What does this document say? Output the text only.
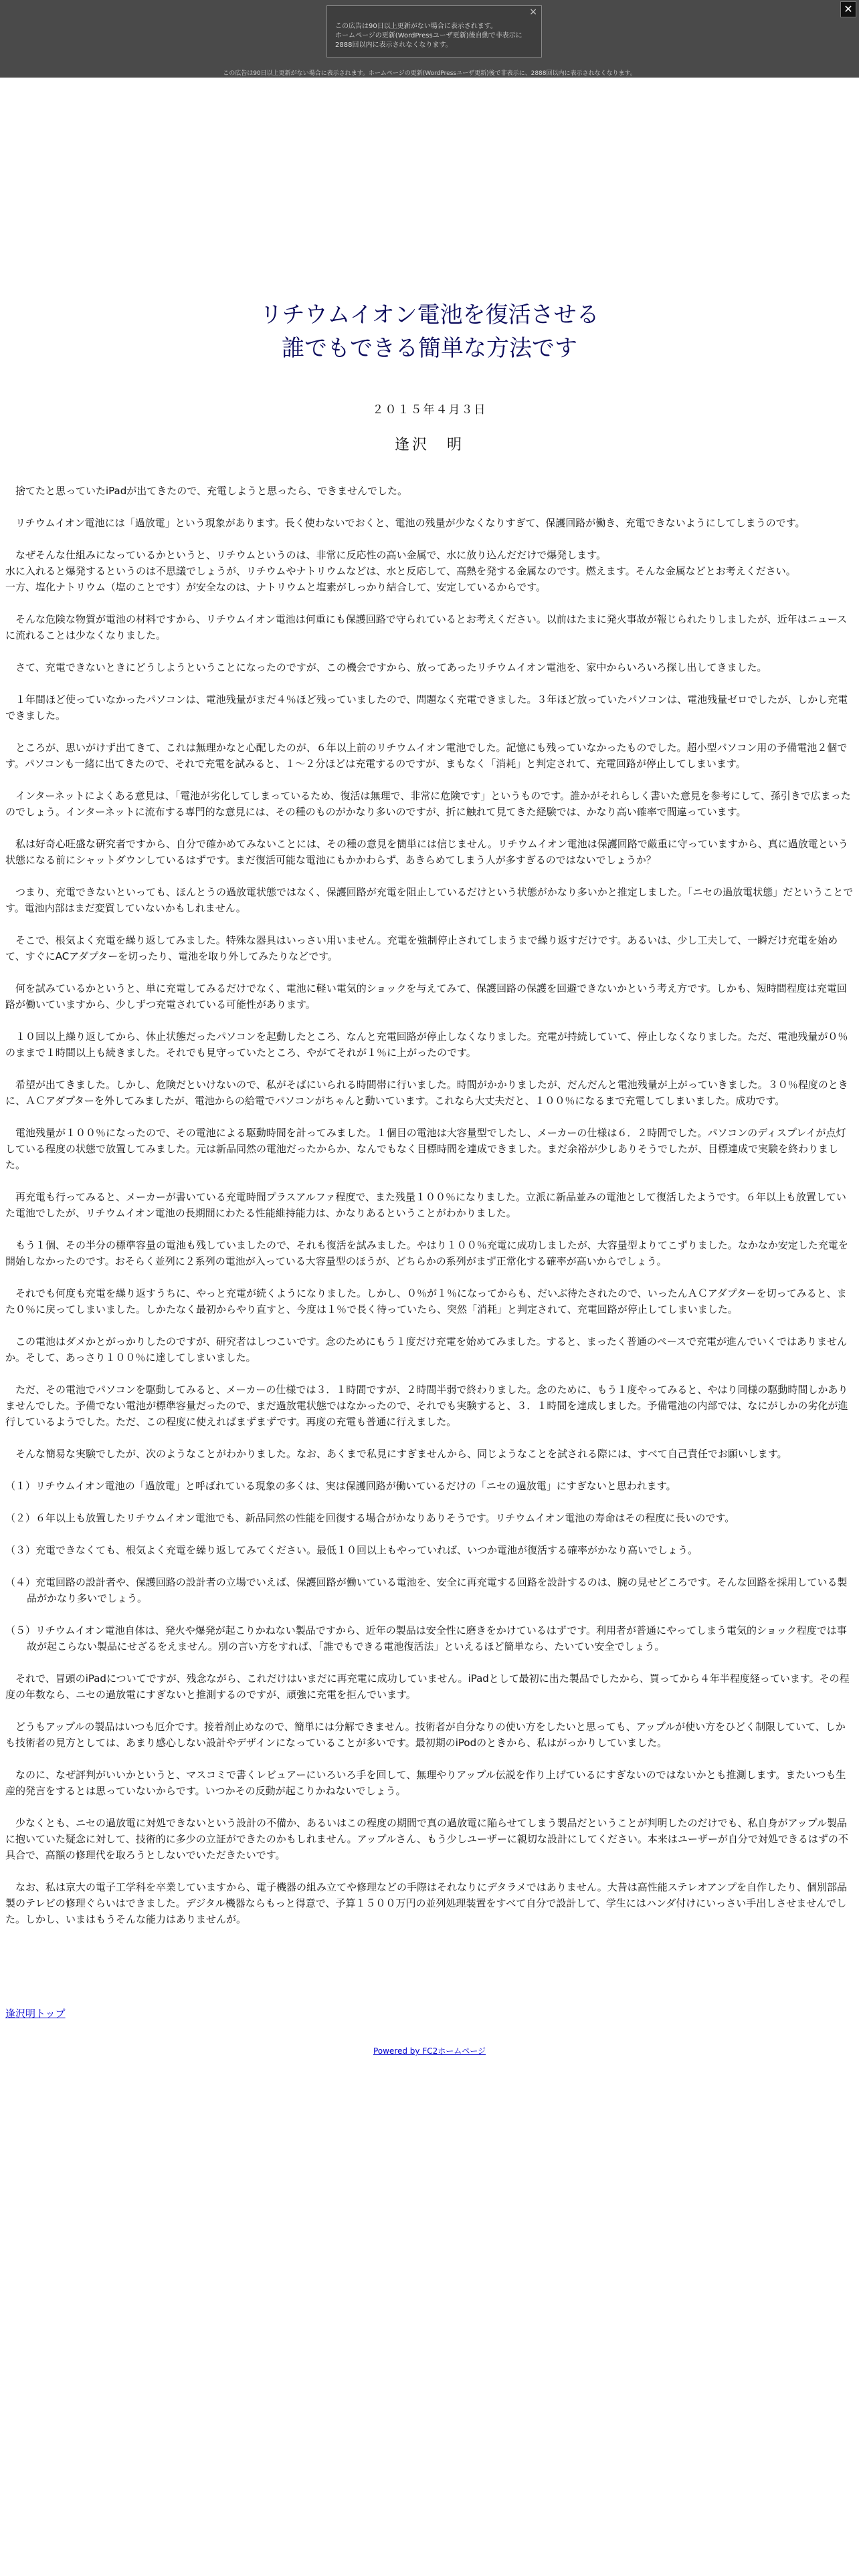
×
この広告は90日以上更新がない場合に表示されます。
ホームページの更新(WordPressユーザ更新)後自動で非表示に
2888回以内に表示されなくなります。
この広告は90日以上更新がない場合に表示されます。ホームページの更新(WordPressユーザ更新)後で非表示に、2888回以内に表示されなくなります。
✕
リチウムイオン電池を復活させる
誰でもできる簡単な方法です
２０１５年４月３日
逢沢　明

　捨てたと思っていたiPadが出てきたので、充電しようと思ったら、できませんでした。

　リチウムイオン電池には「過放電」という現象があります。長く使わないでおくと、電池の残量が少なくなりすぎて、保護回路が働き、充電できないようにしてしまうのです。

　なぜそんな仕組みになっているかというと、リチウムというのは、非常に反応性の高い金属で、水に放り込んだだけで爆発します。

水に入れると爆発するというのは不思議でしょうが、リチウムやナトリウムなどは、水と反応して、高熱を発する金属なのです。燃えます。そんな金属などとお考えください。

一方、塩化ナトリウム（塩のことです）が安全なのは、ナトリウムと塩素がしっかり結合して、安定しているからです。

　そんな危険な物質が電池の材料ですから、リチウムイオン電池は何重にも保護回路で守られているとお考えください。以前はたまに発火事故が報じられたりしましたが、近年はニュースに流れることは少なくなりました。

　さて、充電できないときにどうしようということになったのですが、この機会ですから、放ってあったリチウムイオン電池を、家中からいろいろ探し出してきました。

　１年間ほど使っていなかったパソコンは、電池残量がまだ４％ほど残っていましたので、問題なく充電できました。３年ほど放っていたパソコンは、電池残量ゼロでしたが、しかし充電できました。

　ところが、思いがけず出てきて、これは無理かなと心配したのが、６年以上前のリチウムイオン電池でした。記憶にも残っていなかったものでした。超小型パソコン用の予備電池２個です。パソコンも一緒に出てきたので、それで充電を試みると、１～２分ほどは充電するのですが、まもなく「消耗」と判定されて、充電回路が停止してしまいます。

　インターネットによくある意見は、「電池が劣化してしまっているため、復活は無理で、非常に危険です」というものです。誰かがそれらしく書いた意見を参考にして、孫引きで広まったのでしょう。インターネットに流布する専門的な意見には、その種のものがかなり多いのですが、折に触れて見てきた経験では、かなり高い確率で間違っています。

　私は好奇心旺盛な研究者ですから、自分で確かめてみないことには、その種の意見を簡単には信じません。リチウムイオン電池は保護回路で厳重に守っていますから、真に過放電という状態になる前にシャットダウンしているはずです。まだ復活可能な電池にもかかわらず、あきらめてしまう人が多すぎるのではないでしょうか？

　つまり、充電できないといっても、ほんとうの過放電状態ではなく、保護回路が充電を阻止しているだけという状態がかなり多いかと推定しました。「ニセの過放電状態」だということです。電池内部はまだ変質していないかもしれません。

　そこで、根気よく充電を繰り返してみました。特殊な器具はいっさい用いません。充電を強制停止されてしまうまで繰り返すだけです。あるいは、少し工夫して、一瞬だけ充電を始めて、すぐにACアダプターを切ったり、電池を取り外してみたりなどです。

　何を試みているかというと、単に充電してみるだけでなく、電池に軽い電気的ショックを与えてみて、保護回路の保護を回避できないかという考え方です。しかも、短時間程度は充電回路が働いていますから、少しずつ充電されている可能性があります。

　１０回以上繰り返してから、休止状態だったパソコンを起動したところ、なんと充電回路が停止しなくなりました。充電が持続していて、停止しなくなりました。ただ、電池残量が０％のままで１時間以上も続きました。それでも見守っていたところ、やがてそれが１％に上がったのです。

　希望が出てきました。しかし、危険だといけないので、私がそばにいられる時間帯に行いました。時間がかかりましたが、だんだんと電池残量が上がっていきました。３０％程度のときに、ＡＣアダプターを外してみましたが、電池からの給電でパソコンがちゃんと動いています。これなら大丈夫だと、１００％になるまで充電してしまいました。成功です。

　電池残量が１００％になったので、その電池による駆動時間を計ってみました。１個目の電池は大容量型でしたし、メーカーの仕様は６．２時間でした。パソコンのディスプレイが点灯している程度の状態で放置してみました。元は新品同然の電池だったからか、なんでもなく目標時間を達成できました。まだ余裕が少しありそうでしたが、目標達成で実験を終わりました。

　再充電も行ってみると、メーカーが書いている充電時間プラスアルファ程度で、また残量１００％になりました。立派に新品並みの電池として復活したようです。６年以上も放置していた電池でしたが、リチウムイオン電池の長期間にわたる性能維持能力は、かなりあるということがわかりました。

　もう１個、その半分の標準容量の電池も残していましたので、それも復活を試みました。やはり１００％充電に成功しましたが、大容量型よりてこずりました。なかなか安定した充電を開始しなかったのです。おそらく並列に２系列の電池が入っている大容量型のほうが、どちらかの系列がまず正常化する確率が高いからでしょう。

　それでも何度も充電を繰り返すうちに、やっと充電が続くようになりました。しかし、０％が１％になってからも、だいぶ待たされたので、いったんＡＣアダプターを切ってみると、また０％に戻ってしまいました。しかたなく最初からやり直すと、今度は１％で長く待っていたら、突然「消耗」と判定されて、充電回路が停止してしまいました。

　この電池はダメかとがっかりしたのですが、研究者はしつこいです。念のためにもう１度だけ充電を始めてみました。すると、まったく普通のペースで充電が進んでいくではありませんか。そして、あっさり１００％に達してしまいました。

　ただ、その電池でパソコンを駆動してみると、メーカーの仕様では３．１時間ですが、２時間半弱で終わりました。念のために、もう１度やってみると、やはり同様の駆動時間しかありませんでした。予備でない電池が標準容量だったので、まだ過放電状態ではなかったので、それでも実験すると、３．１時間を達成しました。予備電池の内部では、なにがしかの劣化が進行しているようでした。ただ、この程度に使えればまずまずです。再度の充電も普通に行えました。

　そんな簡易な実験でしたが、次のようなことがわかりました。なお、あくまで私見にすぎませんから、同じようなことを試される際には、すべて自己責任でお願いします。

（１）リチウムイオン電池の「過放電」と呼ばれている現象の多くは、実は保護回路が働いているだけの「ニセの過放電」にすぎないと思われます。

（２）６年以上も放置したリチウムイオン電池でも、新品同然の性能を回復する場合がかなりありそうです。リチウムイオン電池の寿命はその程度に長いのです。

（３）充電できなくても、根気よく充電を繰り返してみてください。最低１０回以上もやっていれば、いつか電池が復活する確率がかなり高いでしょう。

（４）充電回路の設計者や、保護回路の設計者の立場でいえば、保護回路が働いている電池を、安全に再充電する回路を設計するのは、腕の見せどころです。そんな回路を採用している製品がかなり多いでしょう。

（５）リチウムイオン電池自体は、発火や爆発が起こりかねない製品ですから、近年の製品は安全性に磨きをかけているはずです。利用者が普通にやってしまう電気的ショック程度では事故が起こらない製品にせざるをえません。別の言い方をすれば、「誰でもできる電池復活法」といえるほど簡単なら、たいてい安全でしょう。

　それで、冒頭のiPadについてですが、残念ながら、これだけはいまだに再充電に成功していません。iPadとして最初に出た製品でしたから、買ってから４年半程度経っています。その程度の年数なら、ニセの過放電にすぎないと推測するのですが、頑強に充電を拒んでいます。

　どうもアップルの製品はいつも厄介です。接着剤止めなので、簡単には分解できません。技術者が自分なりの使い方をしたいと思っても、アップルが使い方をひどく制限していて、しかも技術者の見方としては、あまり感心しない設計やデザインになっていることが多いです。最初期のiPodのときから、私はがっかりしていました。

　なのに、なぜ評判がいいかというと、マスコミで書くレビュアーにいろいろ手を回して、無理やりアップル伝説を作り上げているにすぎないのではないかとも推測します。またいつも生産的発言をするとは思っていないからです。いつかその反動が起こりかねないでしょう。

　少なくとも、ニセの過放電に対処できないという設計の不備か、あるいはこの程度の期間で真の過放電に陥らせてしまう製品だということが判明したのだけでも、私自身がアップル製品に抱いていた疑念に対して、技術的に多少の立証ができたのかもしれません。アップルさん、もう少しユーザーに親切な設計にしてください。本来はユーザーが自分で対処できるはずの不具合で、高額の修理代を取ろうとしないでいただきたいです。

　なお、私は京大の電子工学科を卒業していますから、電子機器の組み立てや修理などの手際はそれなりにデタラメではありません。大昔は高性能ステレオアンプを自作したり、個別部品製のテレビの修理ぐらいはできました。デジタル機器ならもっと得意で、予算１５００万円の並列処理装置をすべて自分で設計して、学生にはハンダ付けにいっさい手出しさせませんでした。しかし、いまはもうそんな能力はありませんが。

逢沢明トップ
Powered by FC2ホームページ
